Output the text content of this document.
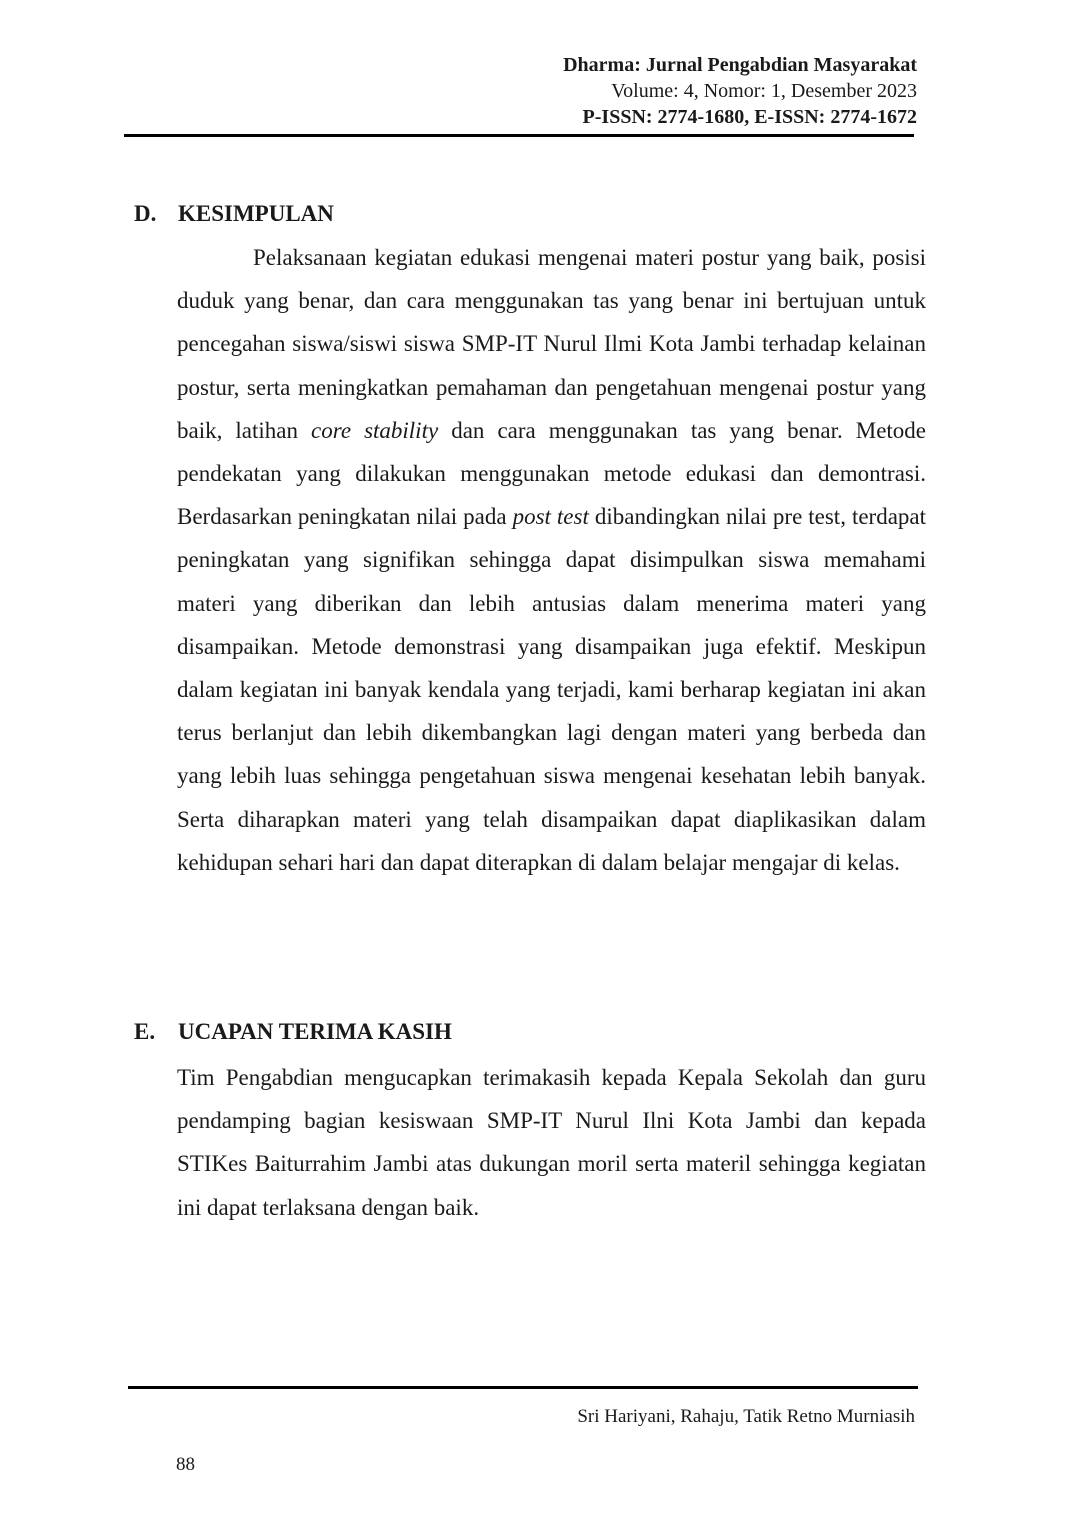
Dharma: Jurnal Pengabdian Masyarakat
Volume: 4, Nomor: 1, Desember 2023
P-ISSN: 2774-1680, E-ISSN: 2774-1672
D. KESIMPULAN

Pelaksanaan kegiatan edukasi mengenai materi postur yang baik, posisi duduk yang benar, dan cara menggunakan tas yang benar ini bertujuan untuk pencegahan siswa/siswi siswa SMP-IT Nurul Ilmi Kota Jambi terhadap kelainan postur, serta meningkatkan pemahaman dan pengetahuan mengenai postur yang baik, latihan core stability dan cara menggunakan tas yang benar. Metode pendekatan yang dilakukan menggunakan metode edukasi dan demontrasi. Berdasarkan peningkatan nilai pada post test dibandingkan nilai pre test, terdapat peningkatan yang signifikan sehingga dapat disimpulkan siswa memahami materi yang diberikan dan lebih antusias dalam menerima materi yang disampaikan. Metode demonstrasi yang disampaikan juga efektif. Meskipun dalam kegiatan ini banyak kendala yang terjadi, kami berharap kegiatan ini akan terus berlanjut dan lebih dikembangkan lagi dengan materi yang berbeda dan yang lebih luas sehingga pengetahuan siswa mengenai kesehatan lebih banyak. Serta diharapkan materi yang telah disampaikan dapat diaplikasikan dalam kehidupan sehari hari dan dapat diterapkan di dalam belajar mengajar di kelas.

E. UCAPAN TERIMA KASIH

Tim Pengabdian mengucapkan terimakasih kepada Kepala Sekolah dan guru pendamping bagian kesiswaan SMP-IT Nurul Ilni Kota Jambi dan kepada STIKes Baiturrahim Jambi atas dukungan moril serta materil sehingga kegiatan ini dapat terlaksana dengan baik.

Sri Hariyani, Rahaju, Tatik Retno Murniasih
88
